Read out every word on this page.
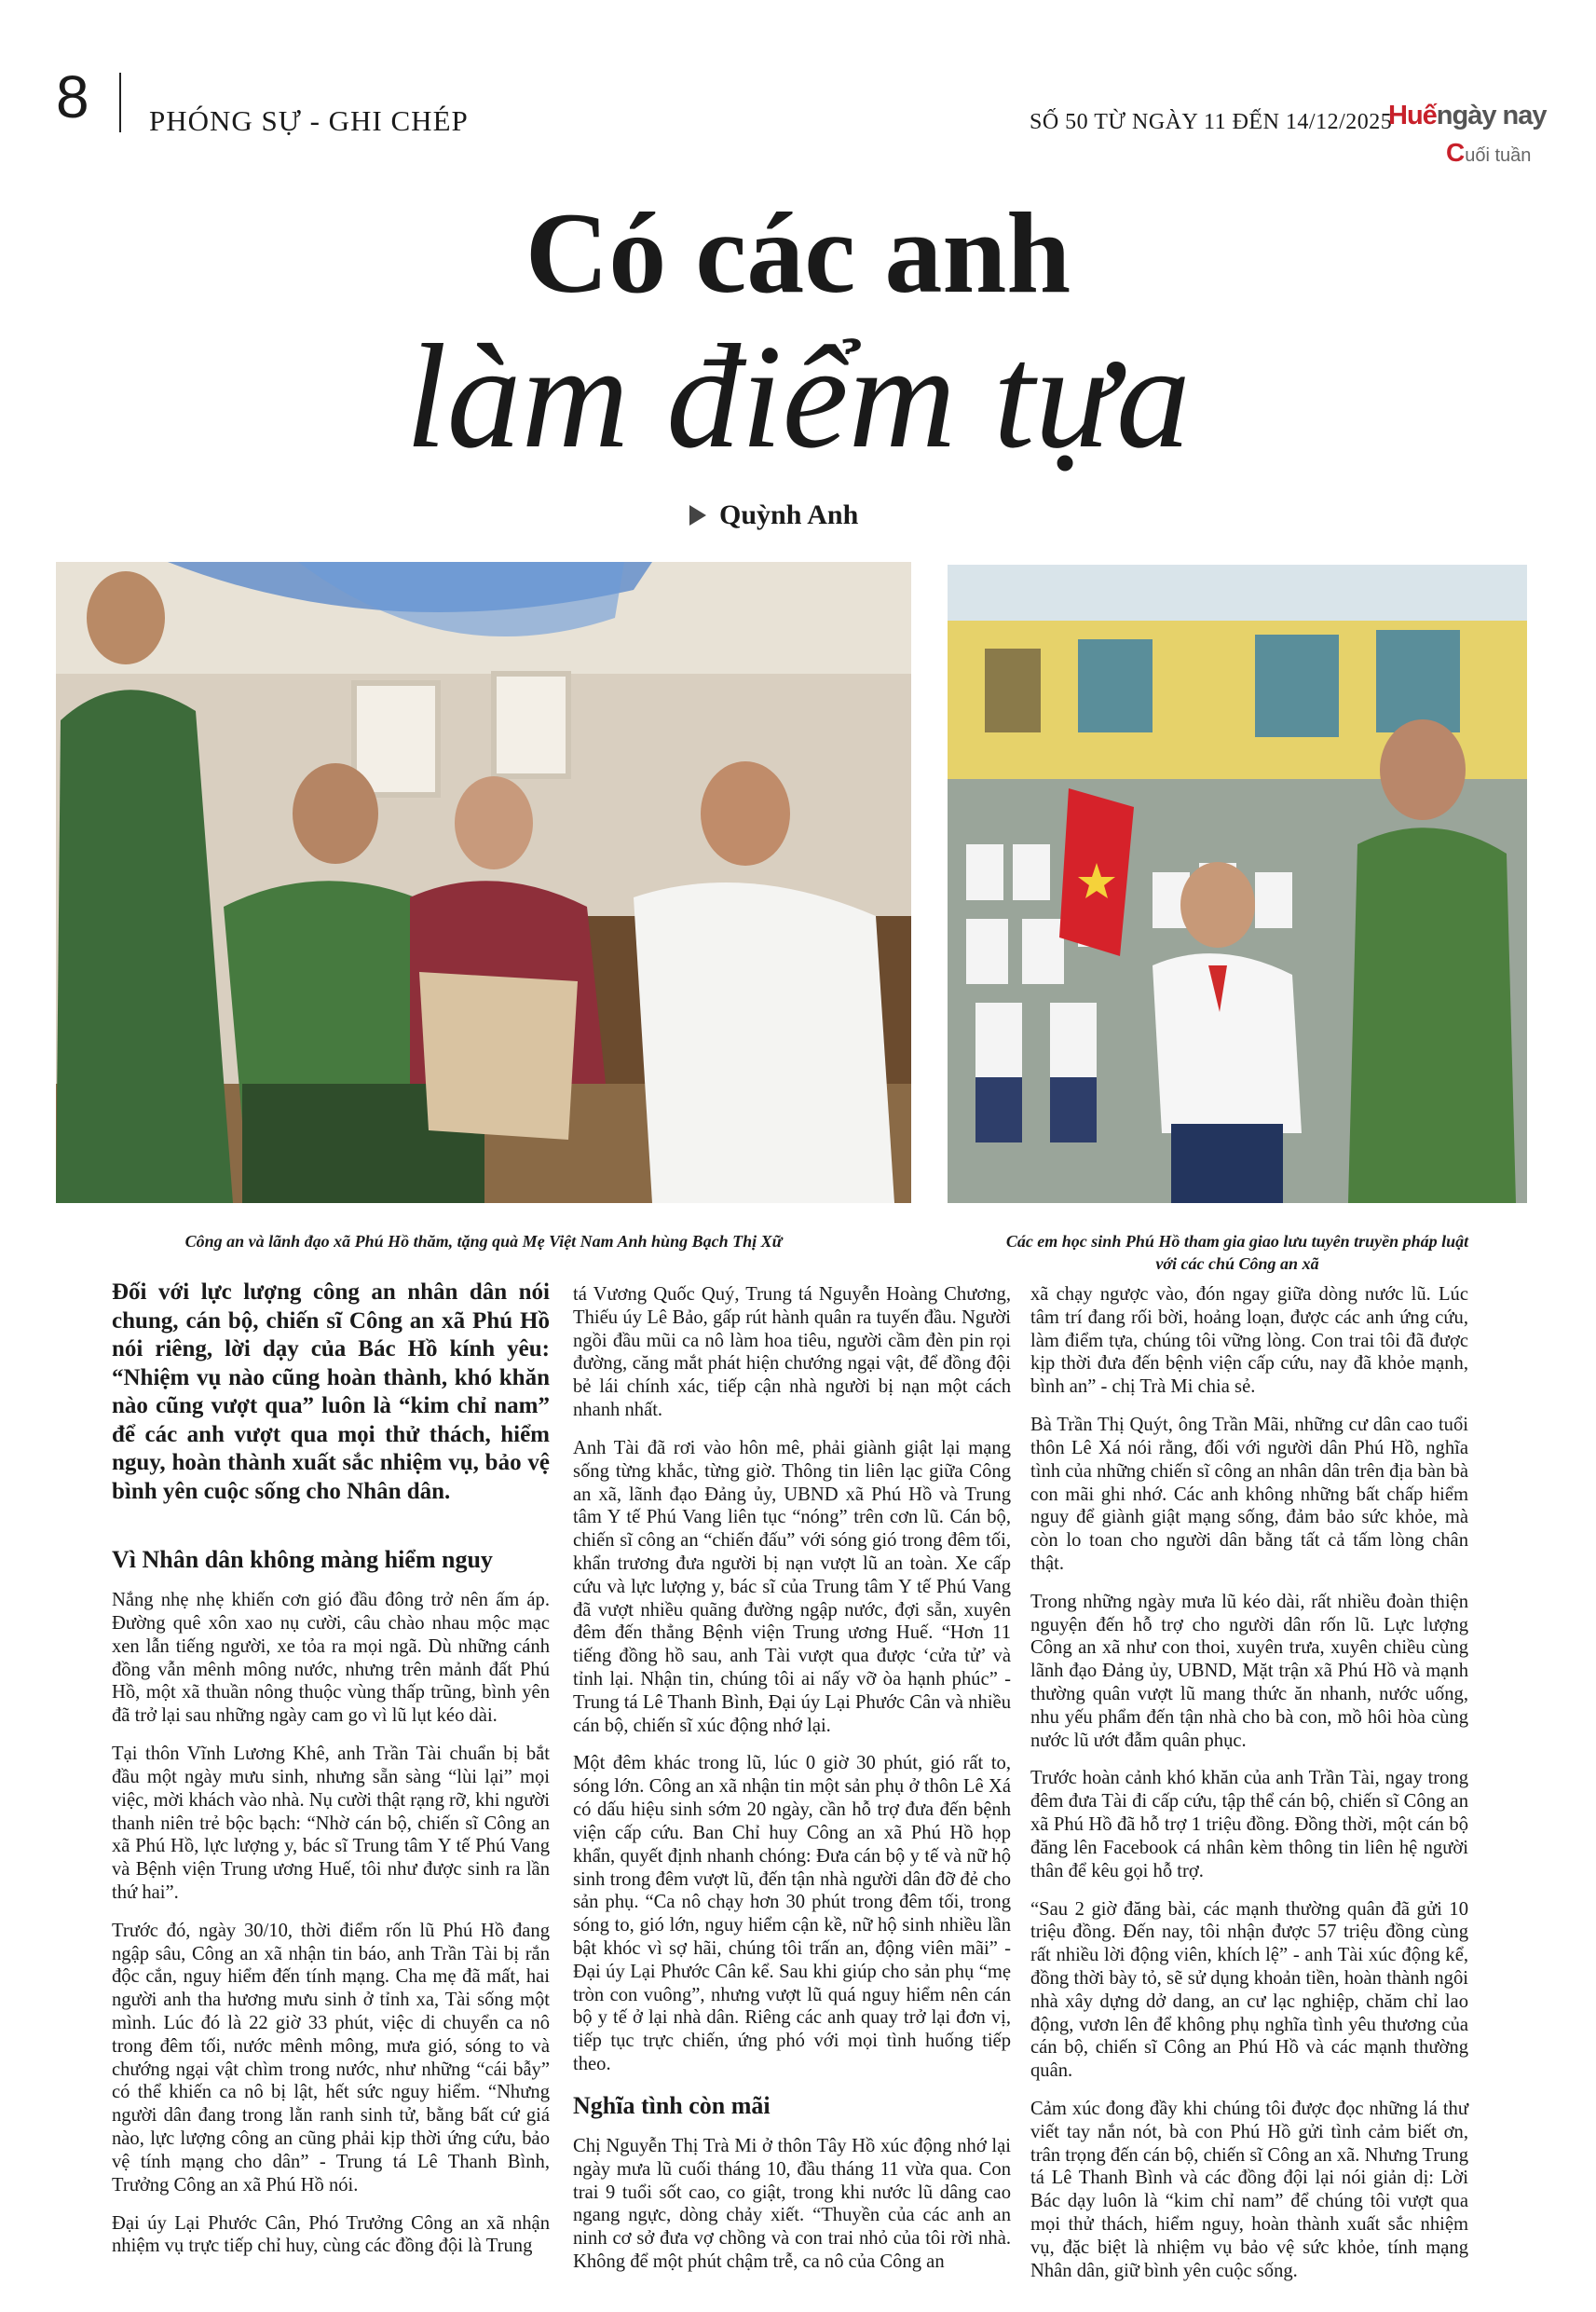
8 PHÓNG SỰ - GHI CHÉP	SỐ 50 TỪ NGÀY 11 ĐẾN 14/12/2025
Huếngày nay
Cuối tuần
Có các anh
làm điểm tựa
Quỳnh Anh
Công an và lãnh đạo xã Phú Hồ thăm, tặng quà Mẹ Việt Nam Anh hùng Bạch Thị Xữ	Các em học sinh Phú Hồ tham gia giao lưu tuyên truyền pháp luật
với các chú Công an xã

Đối với lực lượng công an nhân dân nói chung, cán bộ, chiến sĩ Công an xã Phú Hồ nói riêng, lời dạy của Bác Hồ kính yêu: “Nhiệm vụ nào cũng hoàn thành, khó khăn nào cũng vượt qua” luôn là “kim chỉ nam” để các anh vượt qua mọi thử thách, hiểm nguy, hoàn thành xuất sắc nhiệm vụ, bảo vệ bình yên cuộc sống cho Nhân dân.

Vì Nhân dân không màng hiểm nguy

Nắng nhẹ nhẹ khiến cơn gió đầu đông trở nên ấm áp. Đường quê xôn xao nụ cười, câu chào nhau mộc mạc xen lẫn tiếng người, xe tỏa ra mọi ngã. Dù những cánh đồng vẫn mênh mông nước, nhưng trên mảnh đất Phú Hồ, một xã thuần nông thuộc vùng thấp trũng, bình yên đã trở lại sau những ngày cam go vì lũ lụt kéo dài.

Tại thôn Vĩnh Lương Khê, anh Trần Tài chuẩn bị bắt đầu một ngày mưu sinh, nhưng sẵn sàng “lùi lại” mọi việc, mời khách vào nhà. Nụ cười thật rạng rỡ, khi người thanh niên trẻ bộc bạch: “Nhờ cán bộ, chiến sĩ Công an xã Phú Hồ, lực lượng y, bác sĩ Trung tâm Y tế Phú Vang và Bệnh viện Trung ương Huế, tôi như được sinh ra lần thứ hai”.

Trước đó, ngày 30/10, thời điểm rốn lũ Phú Hồ đang ngập sâu, Công an xã nhận tin báo, anh Trần Tài bị rắn độc cắn, nguy hiểm đến tính mạng. Cha mẹ đã mất, hai người anh tha hương mưu sinh ở tỉnh xa, Tài sống một mình. Lúc đó là 22 giờ 33 phút, việc di chuyển ca nô trong đêm tối, nước mênh mông, mưa gió, sóng to và chướng ngại vật chìm trong nước, như những “cái bẫy” có thể khiến ca nô bị lật, hết sức nguy hiểm. “Nhưng người dân đang trong lằn ranh sinh tử, bằng bất cứ giá nào, lực lượng công an cũng phải kịp thời ứng cứu, bảo vệ tính mạng cho dân” - Trung tá Lê Thanh Bình, Trưởng Công an xã Phú Hồ nói.

Đại úy Lại Phước Cân, Phó Trưởng Công an xã nhận nhiệm vụ trực tiếp chỉ huy, cùng các đồng đội là Trung

tá Vương Quốc Quý, Trung tá Nguyễn Hoàng Chương, Thiếu úy Lê Bảo, gấp rút hành quân ra tuyến đầu. Người ngồi đầu mũi ca nô làm hoa tiêu, người cầm đèn pin rọi đường, căng mắt phát hiện chướng ngại vật, để đồng đội bẻ lái chính xác, tiếp cận nhà người bị nạn một cách nhanh nhất.

Anh Tài đã rơi vào hôn mê, phải giành giật lại mạng sống từng khắc, từng giờ. Thông tin liên lạc giữa Công an xã, lãnh đạo Đảng ủy, UBND xã Phú Hồ và Trung tâm Y tế Phú Vang liên tục “nóng” trên cơn lũ. Cán bộ, chiến sĩ công an “chiến đấu” với sóng gió trong đêm tối, khẩn trương đưa người bị nạn vượt lũ an toàn. Xe cấp cứu và lực lượng y, bác sĩ của Trung tâm Y tế Phú Vang đã vượt nhiều quãng đường ngập nước, đợi sẵn, xuyên đêm đến thẳng Bệnh viện Trung ương Huế. “Hơn 11 tiếng đồng hồ sau, anh Tài vượt qua được ‘cửa tử’ và tỉnh lại. Nhận tin, chúng tôi ai nấy vỡ òa hạnh phúc” - Trung tá Lê Thanh Bình, Đại úy Lại Phước Cân và nhiều cán bộ, chiến sĩ xúc động nhớ lại.

Một đêm khác trong lũ, lúc 0 giờ 30 phút, gió rất to, sóng lớn. Công an xã nhận tin một sản phụ ở thôn Lê Xá có dấu hiệu sinh sớm 20 ngày, cần hỗ trợ đưa đến bệnh viện cấp cứu. Ban Chỉ huy Công an xã Phú Hồ họp khẩn, quyết định nhanh chóng: Đưa cán bộ y tế và nữ hộ sinh trong đêm vượt lũ, đến tận nhà người dân đỡ đẻ cho sản phụ. “Ca nô chạy hơn 30 phút trong đêm tối, trong sóng to, gió lớn, nguy hiểm cận kề, nữ hộ sinh nhiều lần bật khóc vì sợ hãi, chúng tôi trấn an, động viên mãi” - Đại úy Lại Phước Cân kể. Sau khi giúp cho sản phụ “mẹ tròn con vuông”, nhưng vượt lũ quá nguy hiểm nên cán bộ y tế ở lại nhà dân. Riêng các anh quay trở lại đơn vị, tiếp tục trực chiến, ứng phó với mọi tình huống tiếp theo.

Nghĩa tình còn mãi

Chị Nguyễn Thị Trà Mi ở thôn Tây Hồ xúc động nhớ lại ngày mưa lũ cuối tháng 10, đầu tháng 11 vừa qua. Con trai 9 tuổi sốt cao, co giật, trong khi nước lũ dâng cao ngang ngực, dòng chảy xiết. “Thuyền của các anh an ninh cơ sở đưa vợ chồng và con trai nhỏ của tôi rời nhà. Không để một phút chậm trễ, ca nô của Công an

xã chạy ngược vào, đón ngay giữa dòng nước lũ. Lúc tâm trí đang rối bời, hoảng loạn, được các anh ứng cứu, làm điểm tựa, chúng tôi vững lòng. Con trai tôi đã được kịp thời đưa đến bệnh viện cấp cứu, nay đã khỏe mạnh, bình an” - chị Trà Mi chia sẻ.

Bà Trần Thị Quýt, ông Trần Mãi, những cư dân cao tuổi thôn Lê Xá nói rằng, đối với người dân Phú Hồ, nghĩa tình của những chiến sĩ công an nhân dân trên địa bàn bà con mãi ghi nhớ. Các anh không những bất chấp hiểm nguy để giành giật mạng sống, đảm bảo sức khỏe, mà còn lo toan cho người dân bằng tất cả tấm lòng chân thật.

Trong những ngày mưa lũ kéo dài, rất nhiều đoàn thiện nguyện đến hỗ trợ cho người dân rốn lũ. Lực lượng Công an xã như con thoi, xuyên trưa, xuyên chiều cùng lãnh đạo Đảng ủy, UBND, Mặt trận xã Phú Hồ và mạnh thường quân vượt lũ mang thức ăn nhanh, nước uống, nhu yếu phẩm đến tận nhà cho bà con, mồ hôi hòa cùng nước lũ ướt đẫm quân phục.

Trước hoàn cảnh khó khăn của anh Trần Tài, ngay trong đêm đưa Tài đi cấp cứu, tập thể cán bộ, chiến sĩ Công an xã Phú Hồ đã hỗ trợ 1 triệu đồng. Đồng thời, một cán bộ đăng lên Facebook cá nhân kèm thông tin liên hệ người thân để kêu gọi hỗ trợ.

“Sau 2 giờ đăng bài, các mạnh thường quân đã gửi 10 triệu đồng. Đến nay, tôi nhận được 57 triệu đồng cùng rất nhiều lời động viên, khích lệ” - anh Tài xúc động kể, đồng thời bày tỏ, sẽ sử dụng khoản tiền, hoàn thành ngôi nhà xây dựng dở dang, an cư lạc nghiệp, chăm chỉ lao động, vươn lên để không phụ nghĩa tình yêu thương của cán bộ, chiến sĩ Công an Phú Hồ và các mạnh thường quân.

Cảm xúc đong đầy khi chúng tôi được đọc những lá thư viết tay nắn nót, bà con Phú Hồ gửi tình cảm biết ơn, trân trọng đến cán bộ, chiến sĩ Công an xã. Nhưng Trung tá Lê Thanh Bình và các đồng đội lại nói giản dị: Lời Bác dạy luôn là “kim chỉ nam” để chúng tôi vượt qua mọi thử thách, hiểm nguy, hoàn thành xuất sắc nhiệm vụ, đặc biệt là nhiệm vụ bảo vệ sức khỏe, tính mạng Nhân dân, giữ bình yên cuộc sống.
